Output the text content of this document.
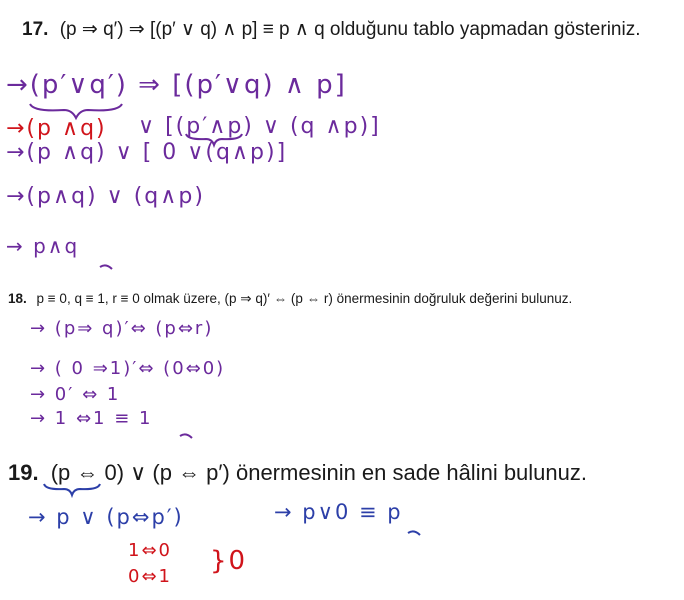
17. (p ⇒ q′) ⇒ [(p′ ∨ q) ∧ p] ≡ p ∧ q olduğunu tablo yapmadan gösteriniz.
→(p′∨q′) ⇒ [(p′∨q) ∧ p]
→(p ∧q) ∨ [(p′∧p) ∨ (q ∧p)]
→(p ∧q) ∨ [ 0 ∨(q∧p)]
→(p∧q) ∨ (q∧p)
→ p∧q
18. p ≡ 0, q ≡ 1, r ≡ 0 olmak üzere, (p ⇒ q)′ ⇔ (p ⇔ r) önermesinin doğruluk değerini bulunuz.
→ (p⇒ q)′⇔ (p⇔r)
→ ( 0 ⇒1)′⇔ (0⇔0)
→ 0′ ⇔ 1
→ 1 ⇔1 ≡ 1
19. (p ⇔ 0) ∨ (p ⇔ p′) önermesinin en sade hâlini bulunuz.
→ p ∨ (p⇔p′)	→ p∨0 ≡ p
1⇔0
0⇔1
}0
